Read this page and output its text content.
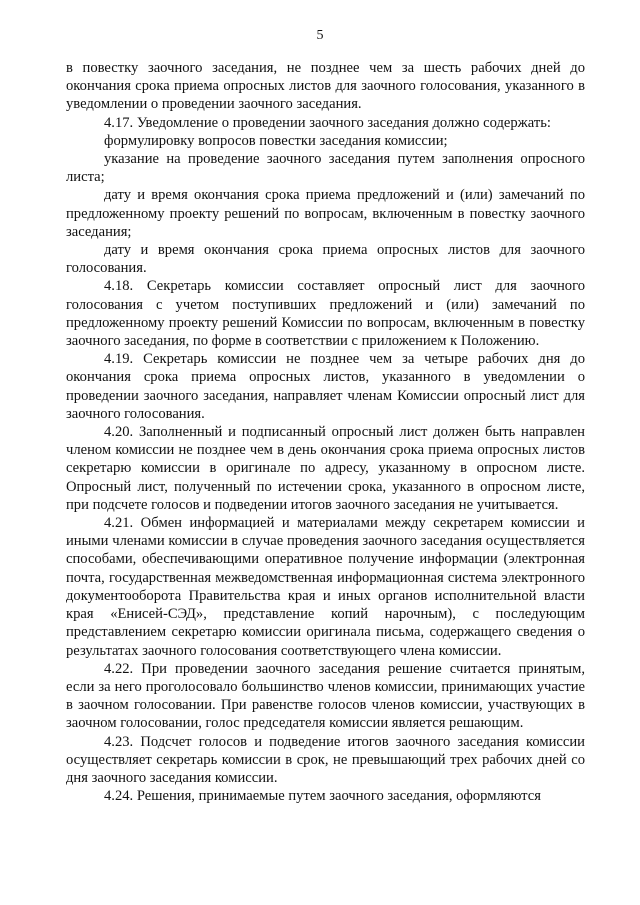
5

в повестку заочного заседания, не позднее чем за шесть рабочих дней до окончания срока приема опросных листов для заочного голосования, указанного в уведомлении о проведении заочного заседания.

4.17. Уведомление о проведении заочного заседания должно содержать:

формулировку вопросов повестки заседания комиссии;

указание на проведение заочного заседания путем заполнения опросного листа;

дату и время окончания срока приема предложений и (или) замечаний по предложенному проекту решений по вопросам, включенным в повестку заочного заседания;

дату и время окончания срока приема опросных листов для заочного голосования.

4.18. Секретарь комиссии составляет опросный лист для заочного голосования с учетом поступивших предложений и (или) замечаний по предложенному проекту решений Комиссии по вопросам, включенным в повестку заочного заседания, по форме в соответствии с приложением к Положению.

4.19. Секретарь комиссии не позднее чем за четыре рабочих дня до окончания срока приема опросных листов, указанного в уведомлении о проведении заочного заседания, направляет членам Комиссии опросный лист для заочного голосования.

4.20. Заполненный и подписанный опросный лист должен быть направлен членом комиссии не позднее чем в день окончания срока приема опросных листов секретарю комиссии в оригинале по адресу, указанному в опросном листе. Опросный лист, полученный по истечении срока, указанного в опросном листе, при подсчете голосов и подведении итогов заочного заседания не учитывается.

4.21. Обмен информацией и материалами между секретарем комиссии и иными членами комиссии в случае проведения заочного заседания осуществляется способами, обеспечивающими оперативное получение информации (электронная почта, государственная межведомственная информационная система электронного документооборота Правительства края и иных органов исполнительной власти края «Енисей-СЭД», представление копий нарочным), с последующим представлением секретарю комиссии оригинала письма, содержащего сведения о результатах заочного голосования соответствующего члена комиссии.

4.22. При проведении заочного заседания решение считается принятым, если за него проголосовало большинство членов комиссии, принимающих участие в заочном голосовании. При равенстве голосов членов комиссии, участвующих в заочном голосовании, голос председателя комиссии является решающим.

4.23. Подсчет голосов и подведение итогов заочного заседания комиссии осуществляет секретарь комиссии в срок, не превышающий трех рабочих дней со дня заочного заседания комиссии.

4.24. Решения, принимаемые путем заочного заседания, оформляются
